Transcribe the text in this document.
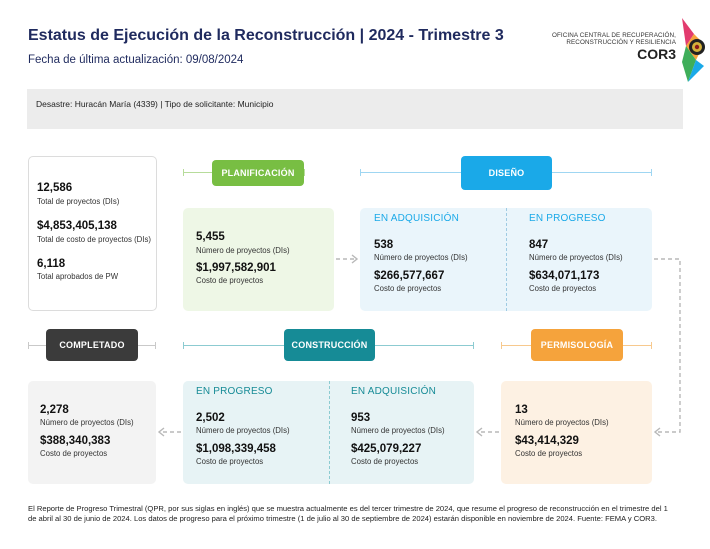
Estatus de Ejecución de la Reconstrucción | 2024 - Trimestre 3
Fecha de última actualización: 09/08/2024
OFICINA CENTRAL DE RECUPERACIÓN,
RECONSTRUCCIÓN Y RESILIENCIA
COR3
Desastre: Huracán María (4339) | Tipo de solicitante: Municipio
12,586
Total de proyectos (DIs)
$4,853,405,138
Total de costo de proyectos (DIs)
6,118
Total aprobados de PW
PLANIFICACIÓN
5,455
Número de proyectos (DIs)
$1,997,582,901
Costo de proyectos
DISEÑO
EN ADQUISICIÓN
538
Número de proyectos (DIs)
$266,577,667
Costo de proyectos
EN PROGRESO
847
Número de proyectos (DIs)
$634,071,173
Costo de proyectos
COMPLETADO
2,278
Número de proyectos (DIs)
$388,340,383
Costo de proyectos
CONSTRUCCIÓN
EN PROGRESO
2,502
Número de proyectos (DIs)
$1,098,339,458
Costo de proyectos
EN ADQUISICIÓN
953
Número de proyectos (DIs)
$425,079,227
Costo de proyectos
PERMISOLOGÍA
13
Número de proyectos (DIs)
$43,414,329
Costo de proyectos
El Reporte de Progreso Trimestral (QPR, por sus siglas en inglés) que se muestra actualmente es del tercer trimestre de 2024, que resume el progreso de reconstrucción en el trimestre del 1 de abril al 30 de junio de 2024. Los datos de progreso para el próximo trimestre (1 de julio al 30 de septiembre de 2024) estarán disponible en noviembre de 2024. Fuente: FEMA y COR3.
